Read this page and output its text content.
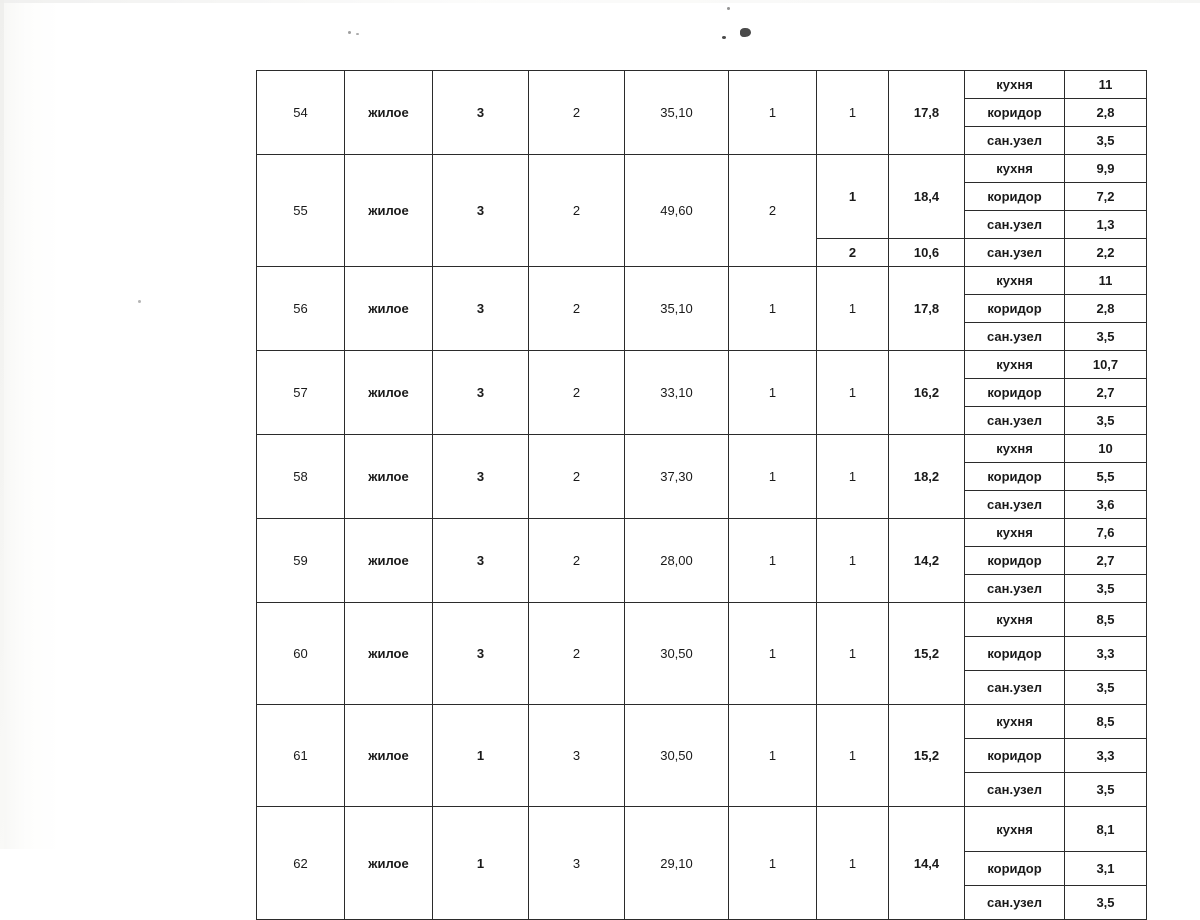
54	жилое	3	2	35,10	1	1	17,8	кухня	11
								коридор	2,8
								сан.узел	3,5
55	жилое	3	2	49,60	2	1	18,4	кухня	9,9
								коридор	7,2
								сан.узел	1,3
						2	10,6	сан.узел	2,2
56	жилое	3	2	35,10	1	1	17,8	кухня	11
								коридор	2,8
								сан.узел	3,5
57	жилое	3	2	33,10	1	1	16,2	кухня	10,7
								коридор	2,7
								сан.узел	3,5
58	жилое	3	2	37,30	1	1	18,2	кухня	10
								коридор	5,5
								сан.узел	3,6
59	жилое	3	2	28,00	1	1	14,2	кухня	7,6
								коридор	2,7
								сан.узел	3,5
60	жилое	3	2	30,50	1	1	15,2	кухня	8,5
								коридор	3,3
								сан.узел	3,5
61	жилое	1	3	30,50	1	1	15,2	кухня	8,5
								коридор	3,3
								сан.узел	3,5
62	жилое	1	3	29,10	1	1	14,4	кухня	8,1
								коридор	3,1
								сан.узел	3,5
